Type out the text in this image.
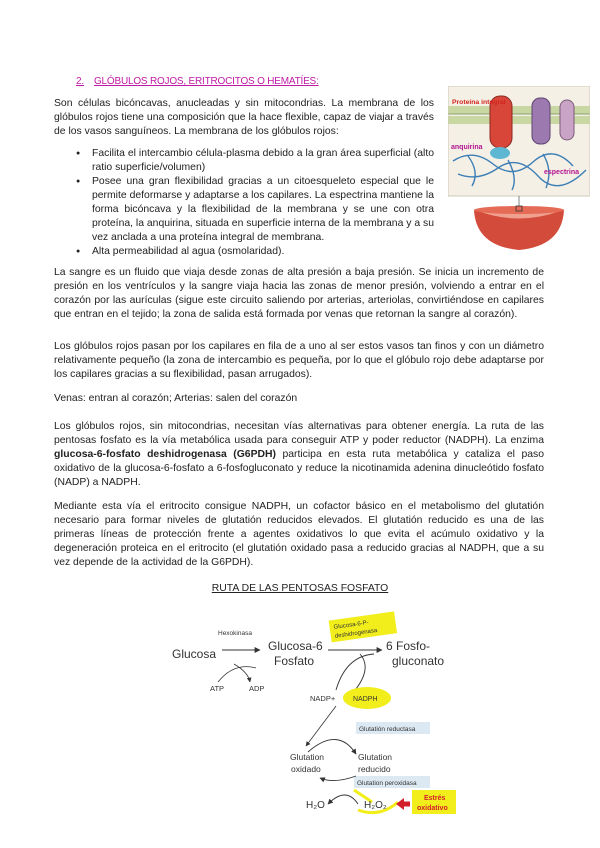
2. GLÓBULOS ROJOS, ERITROCITOS O HEMATÍES:
Son células bicóncavas, anucleadas y sin mitocondrias. La membrana de los glóbulos rojos tiene una composición que la hace flexible, capaz de viajar a través de los vasos sanguíneos. La membrana de los glóbulos rojos:
● Facilita el intercambio célula-plasma debido a la gran área superficial (alto ratio superficie/volumen)
● Posee una gran flexibilidad gracias a un citoesqueleto especial que le permite deformarse y adaptarse a los capilares. La espectrina mantiene la forma bicóncava y la flexibilidad de la membrana y se une con otra proteína, la anquirina, situada en superficie interna de la membrana y a su vez anclada a una proteína integral de membrana.
● Alta permeabilidad al agua (osmolaridad).
Proteína integral
anquirina
espectrina
La sangre es un fluido que viaja desde zonas de alta presión a baja presión. Se inicia un incremento de presión en los ventrículos y la sangre viaja hacia las zonas de menor presión, volviendo a entrar en el corazón por las aurículas (sigue este circuito saliendo por arterias, arteriolas, convirtiéndose en capilares que entran en el tejido; la zona de salida está formada por venas que retornan la sangre al corazón).
Los glóbulos rojos pasan por los capilares en fila de a uno al ser estos vasos tan finos y con un diámetro relativamente pequeño (la zona de intercambio es pequeña, por lo que el glóbulo rojo debe adaptarse por los capilares gracias a su flexibilidad, pasan arrugados).
Venas: entran al corazón; Arterias: salen del corazón
Los glóbulos rojos, sin mitocondrias, necesitan vías alternativas para obtener energía. La ruta de las pentosas fosfato es la vía metabólica usada para conseguir ATP y poder reductor (NADPH). La enzima glucosa-6-fosfato deshidrogenasa (G6PDH) participa en esta ruta metabólica y cataliza el paso oxidativo de la glucosa-6-fosfato a 6-fosfogluconato y reduce la nicotinamida adenina dinucleótido fosfato (NADP) a NADPH.
Mediante esta vía el eritrocito consigue NADPH, un cofactor básico en el metabolismo del glutatión necesario para formar niveles de glutatión reducidos elevados. El glutatión reducido es una de las primeras líneas de protección frente a agentes oxidativos lo que evita el acúmulo oxidativo y la degeneración proteica en el eritrocito (el glutatión oxidado pasa a reducido gracias al NADPH, que a su vez depende de la actividad de la G6PDH).
RUTA DE LAS PENTOSAS FOSFATO
Glucosa
Hexokinasa
ATP	ADP
Glucosa-6
Fosfato
Glucosa-6-P-
deshidrogenasa
6 Fosfo-
gluconato
NADP+	NADPH
Glutatión reductasa
Glutation
oxidado
Glutation
reducido
Glutation peroxidasa
H₂O	H₂O₂
Estrés
oxidativo
